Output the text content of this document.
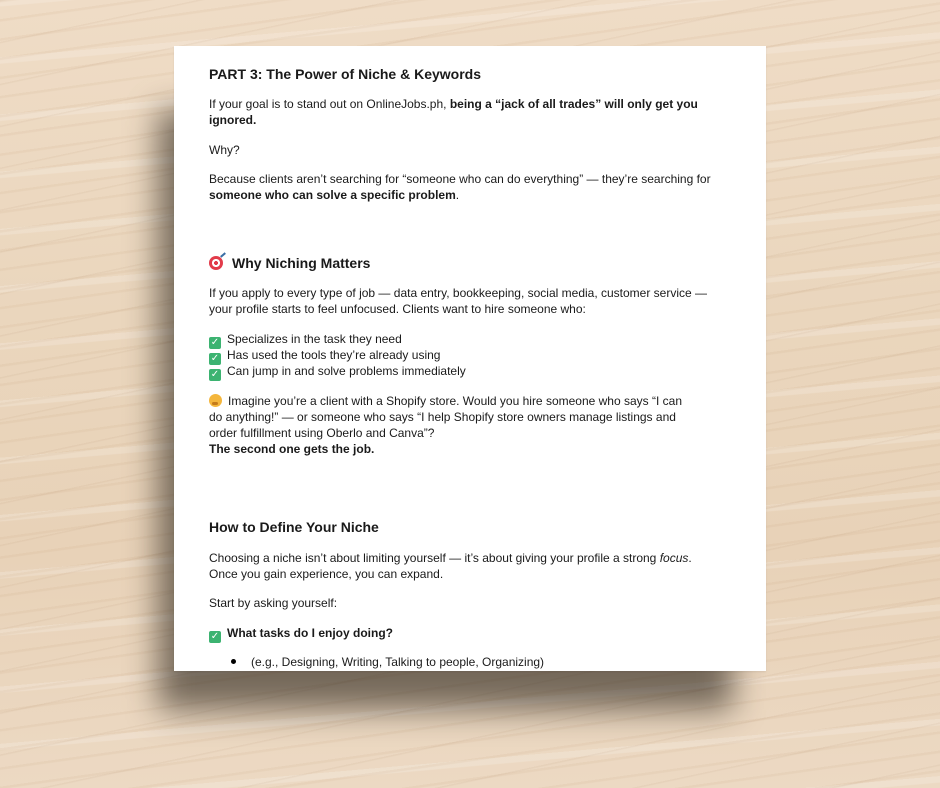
PART 3: The Power of Niche & Keywords
If your goal is to stand out on OnlineJobs.ph, being a “jack of all trades” will only get you
ignored.
Why?
Because clients aren’t searching for “someone who can do everything” — they’re searching for
someone who can solve a specific problem.
Why Niching Matters
If you apply to every type of job — data entry, bookkeeping, social media, customer service —
your profile starts to feel unfocused. Clients want to hire someone who:
✓ Specializes in the task they need
✓ Has used the tools they’re already using
✓ Can jump in and solve problems immediately
Imagine you’re a client with a Shopify store. Would you hire someone who says “I can
do anything!” — or someone who says “I help Shopify store owners manage listings and
order fulfillment using Oberlo and Canva”?
The second one gets the job.
How to Define Your Niche
Choosing a niche isn’t about limiting yourself — it’s about giving your profile a strong focus.
Once you gain experience, you can expand.
Start by asking yourself:
✓ What tasks do I enjoy doing?
(e.g., Designing, Writing, Talking to people, Organizing)
